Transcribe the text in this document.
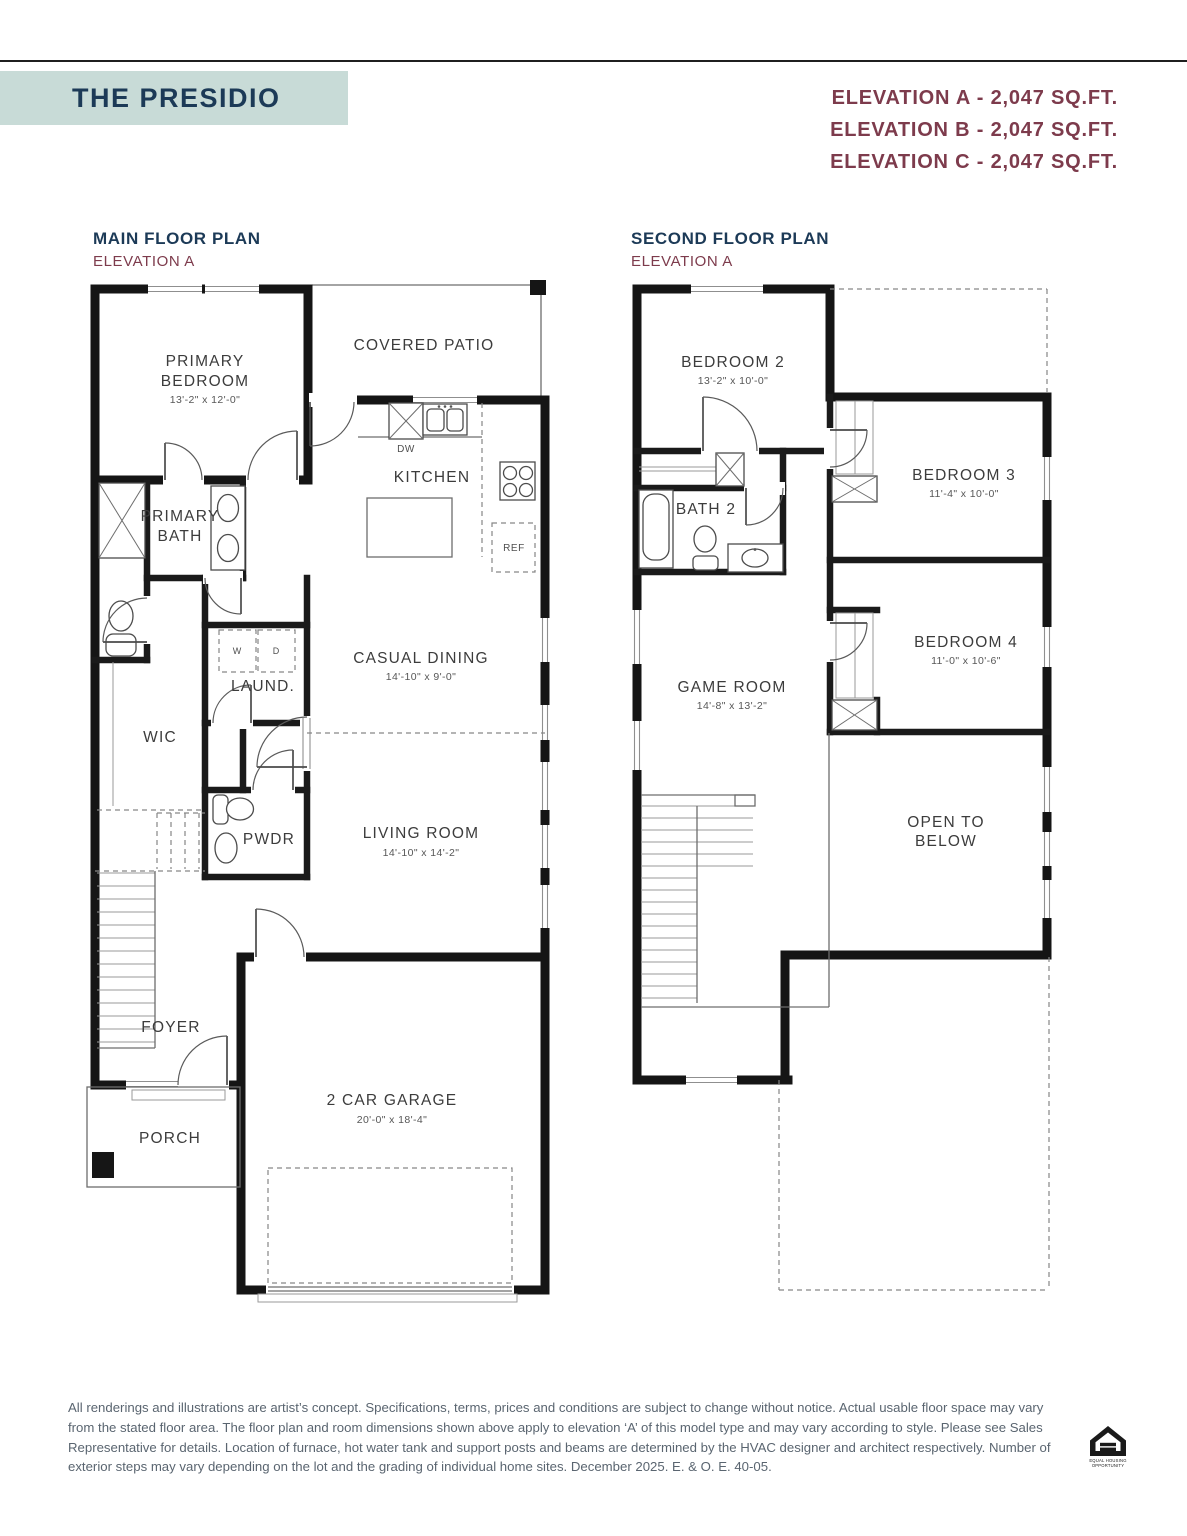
THE PRESIDIO	ELEVATION A - 2,047 SQ.FT.
ELEVATION B - 2,047 SQ.FT.
ELEVATION C - 2,047 SQ.FT.
MAIN FLOOR PLAN
ELEVATION A
SECOND FLOOR PLAN
ELEVATION A
PRIMARY
BEDROOM
13'-2" x 12'-0"
COVERED PATIO
KITCHEN
DW
REF
PRIMARY
BATH
W	D
LAUND.
WIC
CASUAL DINING
14'-10" x 9'-0"
PWDR	LIVING ROOM
14'-10" x 14'-2"
FOYER
PORCH
2 CAR GARAGE
20'-0" x 18'-4"
BEDROOM 2
13'-2" x 10'-0"
BATH 2
BEDROOM 3
11'-4" x 10'-0"
BEDROOM 4
11'-0" x 10'-6"
GAME ROOM
14'-8" x 13'-2"
OPEN TO
BELOW
All renderings and illustrations are artist’s concept. Specifications, terms, prices and conditions are subject to change without notice. Actual usable floor space may vary from the stated floor area. The floor plan and room dimensions shown above apply to elevation ‘A’ of this model type and may vary according to style. Please see Sales Representative for details. Location of furnace, hot water tank and support posts and beams are determined by the HVAC designer and architect respectively. Number of exterior steps may vary depending on the lot and the grading of individual home sites. December 2025. E. & O. E. 40-05.	EQUAL HOUSING
OPPORTUNITY
